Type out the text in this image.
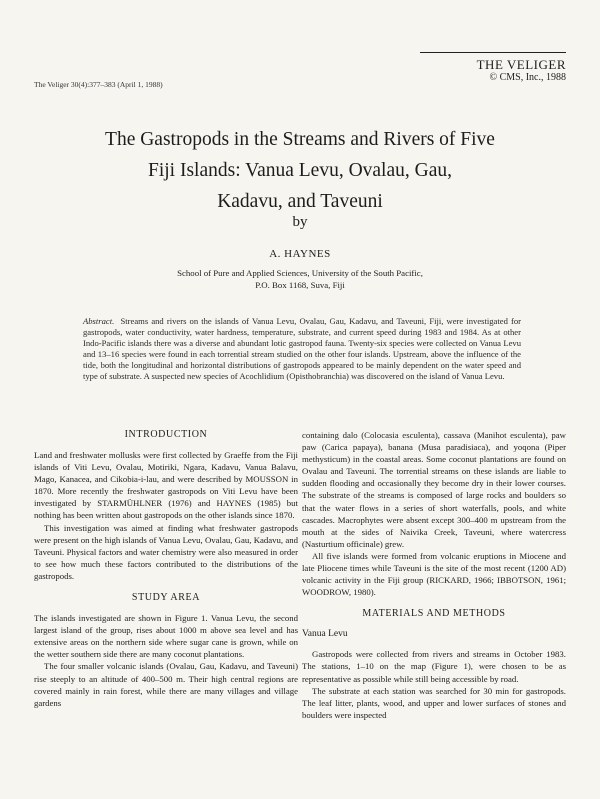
THE VELIGER
© CMS, Inc., 1988
The Veliger 30(4):377–383 (April 1, 1988)
The Gastropods in the Streams and Rivers of Five
Fiji Islands: Vanua Levu, Ovalau, Gau,
Kadavu, and Taveuni
by
A. HAYNES
School of Pure and Applied Sciences, University of the South Pacific,
P.O. Box 1168, Suva, Fiji
Abstract. Streams and rivers on the islands of Vanua Levu, Ovalau, Gau, Kadavu, and Taveuni, Fiji, were investigated for gastropods, water conductivity, water hardness, temperature, substrate, and current speed during 1983 and 1984. As at other Indo-Pacific islands there was a diverse and abundant lotic gastropod fauna. Twenty-six species were collected on Vanua Levu and 13–16 species were found in each torrential stream studied on the other four islands. Upstream, above the influence of the tide, both the longitudinal and horizontal distributions of gastropods appeared to be mainly dependent on the water speed and type of substrate. A suspected new species of Acochlidium (Opisthobranchia) was discovered on the island of Vanua Levu.

INTRODUCTION

Land and freshwater mollusks were first collected by Graeffe from the Fiji islands of Viti Levu, Ovalau, Motiriki, Ngara, Kadavu, Vanua Balavu, Mago, Kanacea, and Cikobia-i-lau, and were described by MOUSSON in 1870. More recently the freshwater gastropods on Viti Levu have been investigated by STARMÜHLNER (1976) and HAYNES (1985) but nothing has been written about gastropods on the other islands since 1870.

This investigation was aimed at finding what freshwater gastropods were present on the high islands of Vanua Levu, Ovalau, Gau, Kadavu, and Taveuni. Physical factors and water chemistry were also measured in order to see how much these factors contributed to the distributions of the gastropods.

STUDY AREA

The islands investigated are shown in Figure 1. Vanua Levu, the second largest island of the group, rises about 1000 m above sea level and has extensive areas on the northern side where sugar cane is grown, while on the wetter southern side there are many coconut plantations.

The four smaller volcanic islands (Ovalau, Gau, Kadavu, and Taveuni) rise steeply to an altitude of 400–500 m. Their high central regions are covered mainly in rain forest, while there are many villages and village gardens

containing dalo (Colocasia esculenta), cassava (Manihot esculenta), paw paw (Carica papaya), banana (Musa paradisiaca), and yoqona (Piper methysticum) in the coastal areas. Some coconut plantations are found on Ovalau and Taveuni. The torrential streams on these islands are liable to sudden flooding and occasionally they become dry in their lower courses. The substrate of the streams is composed of large rocks and boulders so that the water flows in a series of short waterfalls, pools, and white cascades. Macrophytes were absent except 300–400 m upstream from the mouth at the sides of Naivika Creek, Taveuni, where watercress (Nasturtium officinale) grew.

All five islands were formed from volcanic eruptions in Miocene and late Pliocene times while Taveuni is the site of the most recent (1200 AD) volcanic activity in the Fiji group (RICKARD, 1966; IBBOTSON, 1961; WOODROW, 1980).

MATERIALS AND METHODS

Vanua Levu

Gastropods were collected from rivers and streams in October 1983. The stations, 1–10 on the map (Figure 1), were chosen to be as representative as possible while still being accessible by road.

The substrate at each station was searched for 30 min for gastropods. The leaf litter, plants, wood, and upper and lower surfaces of stones and boulders were inspected
